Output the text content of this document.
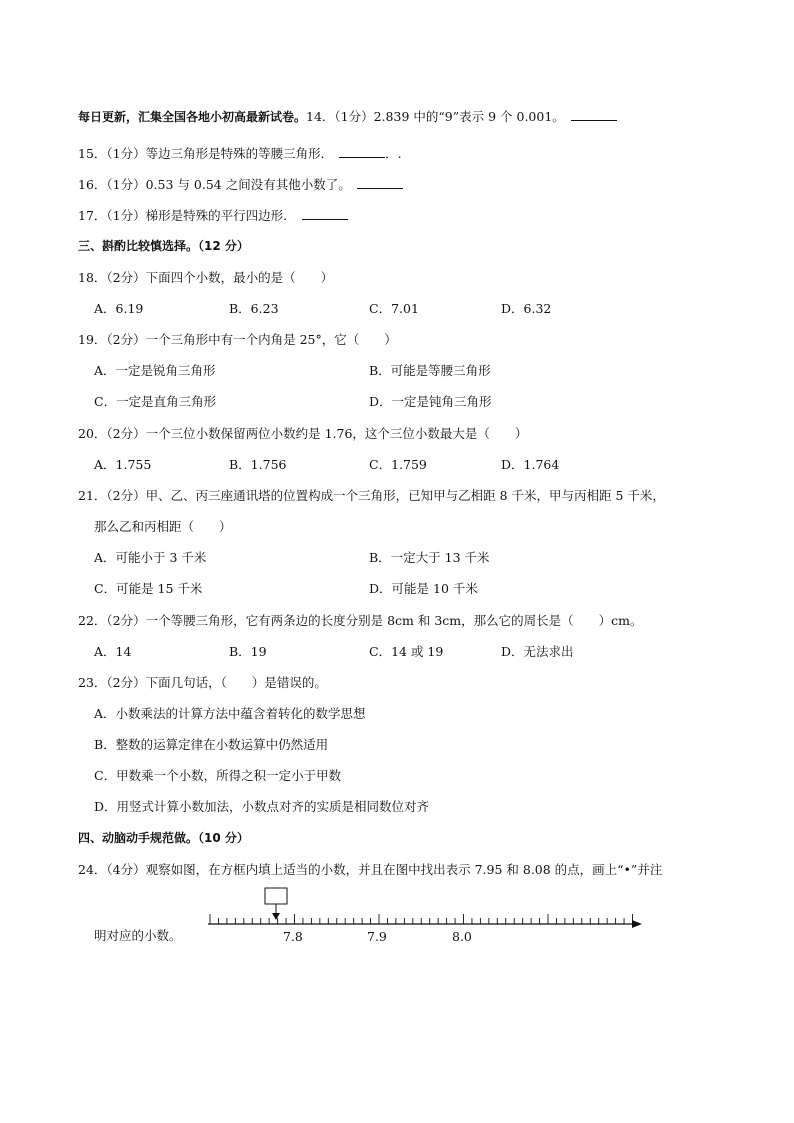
每日更新，汇集全国各地小初高最新试卷。14．（1分）2.839 中的“9”表示 9 个 0.001。
15．（1分）等边三角形是特殊的等腰三角形．	．.
16．（1分）0.53 与 0.54 之间没有其他小数了。
17．（1分）梯形是特殊的平行四边形．
三、斟酌比较慎选择。（12 分）
18．（2分）下面四个小数，最小的是（　　）
A．6.19	B．6.23	C．7.01	D．6.32
19．（2分）一个三角形中有一个内角是 25°，它（　　）
A．一定是锐角三角形	B．可能是等腰三角形
C．一定是直角三角形	D．一定是钝角三角形
20．（2分）一个三位小数保留两位小数约是 1.76，这个三位小数最大是（　　）
A．1.755	B．1.756	C．1.759	D．1.764
21．（2分）甲、乙、丙三座通讯塔的位置构成一个三角形，已知甲与乙相距 8 千米，甲与丙相距 5 千米，
那么乙和丙相距（　　）
A．可能小于 3 千米	B．一定大于 13 千米
C．可能是 15 千米	D．可能是 10 千米
22．（2分）一个等腰三角形，它有两条边的长度分别是 8cm 和 3cm，那么它的周长是（　　）cm。
A．14	B．19	C．14 或 19	D．无法求出
23．（2分）下面几句话，（　　）是错误的。
A．小数乘法的计算方法中蕴含着转化的数学思想
B．整数的运算定律在小数运算中仍然适用
C．甲数乘一个小数，所得之积一定小于甲数
D．用竖式计算小数加法，小数点对齐的实质是相同数位对齐
四、动脑动手规范做。（10 分）
24．（4分）观察如图，在方框内填上适当的小数，并且在图中找出表示 7.95 和 8.08 的点，画上“•”并注
明对应的小数。	7.8	7.9	8.0
